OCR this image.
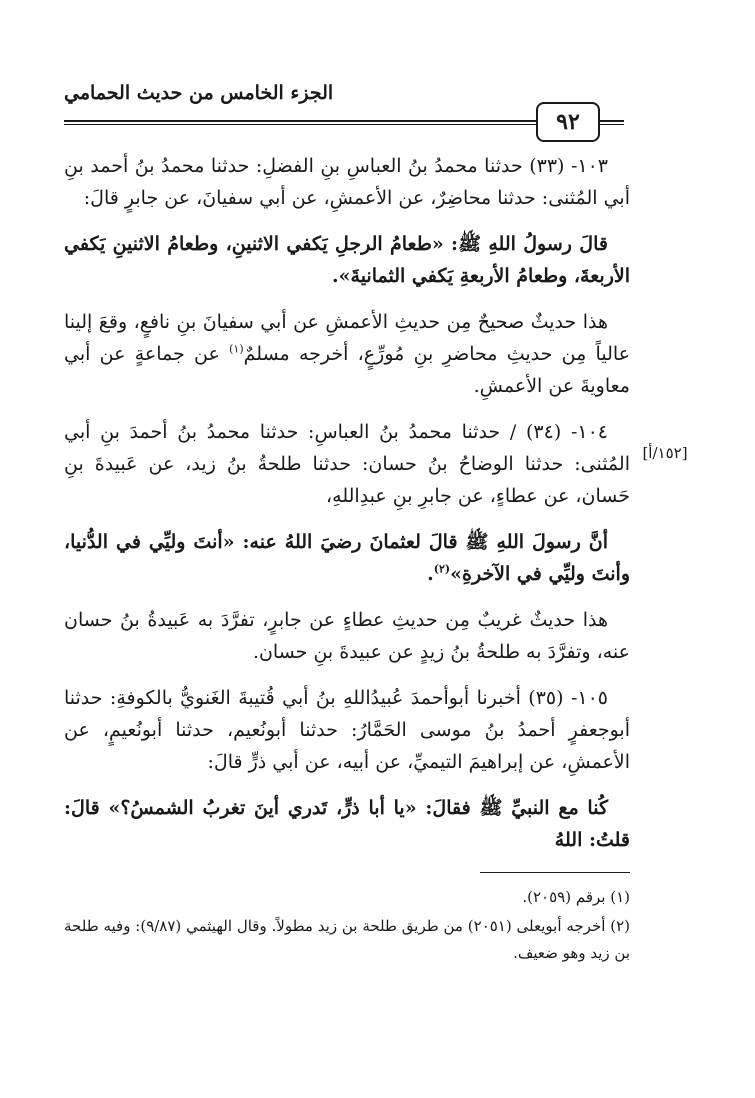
الجزء الخامس من حديث الحمامي
٩٢
[١٥٢/أ]

١٠٣- (٣٣) حدثنا محمدُ بنُ العباسِ بنِ الفضلِ: حدثنا محمدُ بنُ أحمد بنِ أبي المُثنى: حدثنا محاضِرٌ، عن الأعمشِ، عن أبي سفيانَ، عن جابرٍ قالَ:

قالَ رسولُ اللهِ ﷺ: «طعامُ الرجلِ يَكفي الاثنينِ، وطعامُ الاثنينِ يَكفي الأربعةَ، وطعامُ الأربعةِ يَكفي الثمانيةَ».

هذا حديثٌ صحيحٌ مِن حديثِ الأعمشِ عن أبي سفيانَ بنِ نافعٍ، وقعَ إلينا عالياً مِن حديثِ محاضرِ بنِ مُورِّعٍ، أخرجه مسلمٌ$^{(١)}$ عن جماعةٍ عن أبي معاويةَ عن الأعمشِ.

١٠٤- (٣٤) / حدثنا محمدُ بنُ العباسِ: حدثنا محمدُ بنُ أحمدَ بنِ أبي المُثنى: حدثنا الوضاحُ بنُ حسان: حدثنا طلحةُ بنُ زيد، عن عَبيدةَ بنِ حَسان، عن عطاءٍ، عن جابرِ بنِ عبدِاللهِ،

أنَّ رسولَ اللهِ ﷺ قالَ لعثمانَ رضيَ اللهُ عنه: «أنتَ وليِّي في الدُّنيا، وأنتَ وليِّي في الآخرةِ»$^{(٢)}$.

هذا حديثٌ غريبٌ مِن حديثِ عطاءٍ عن جابرٍ، تفرَّدَ به عَبيدةُ بنُ حسان عنه، وتفرَّدَ به طلحةُ بنُ زيدٍ عن عبيدةَ بنِ حسان.

١٠٥- (٣٥) أخبرنا أبوأحمدَ عُبيدُاللهِ بنُ أبي قُتيبةَ الغَنويُّ بالكوفةِ: حدثنا أبوجعفرٍ أحمدُ بنُ موسى الحَمَّارُ: حدثنا أبونُعيم، حدثنا أبونُعيمٍ، عن الأعمشِ، عن إبراهيمَ التيميِّ، عن أبيه، عن أبي ذرٍّ قالَ:

كُنا مع النبيِّ ﷺ فقالَ: «يا أبا ذرٍّ، تَدري أينَ تغربُ الشمسُ؟» قالَ: قلتُ: اللهُ

(١) برقم (٢٠٥٩).

(٢) أخرجه أبويعلى (٢٠٥١) من طريق طلحة بن زيد مطولاً. وقال الهيثمي (٩/٨٧): وفيه طلحة بن زيد وهو ضعيف.
